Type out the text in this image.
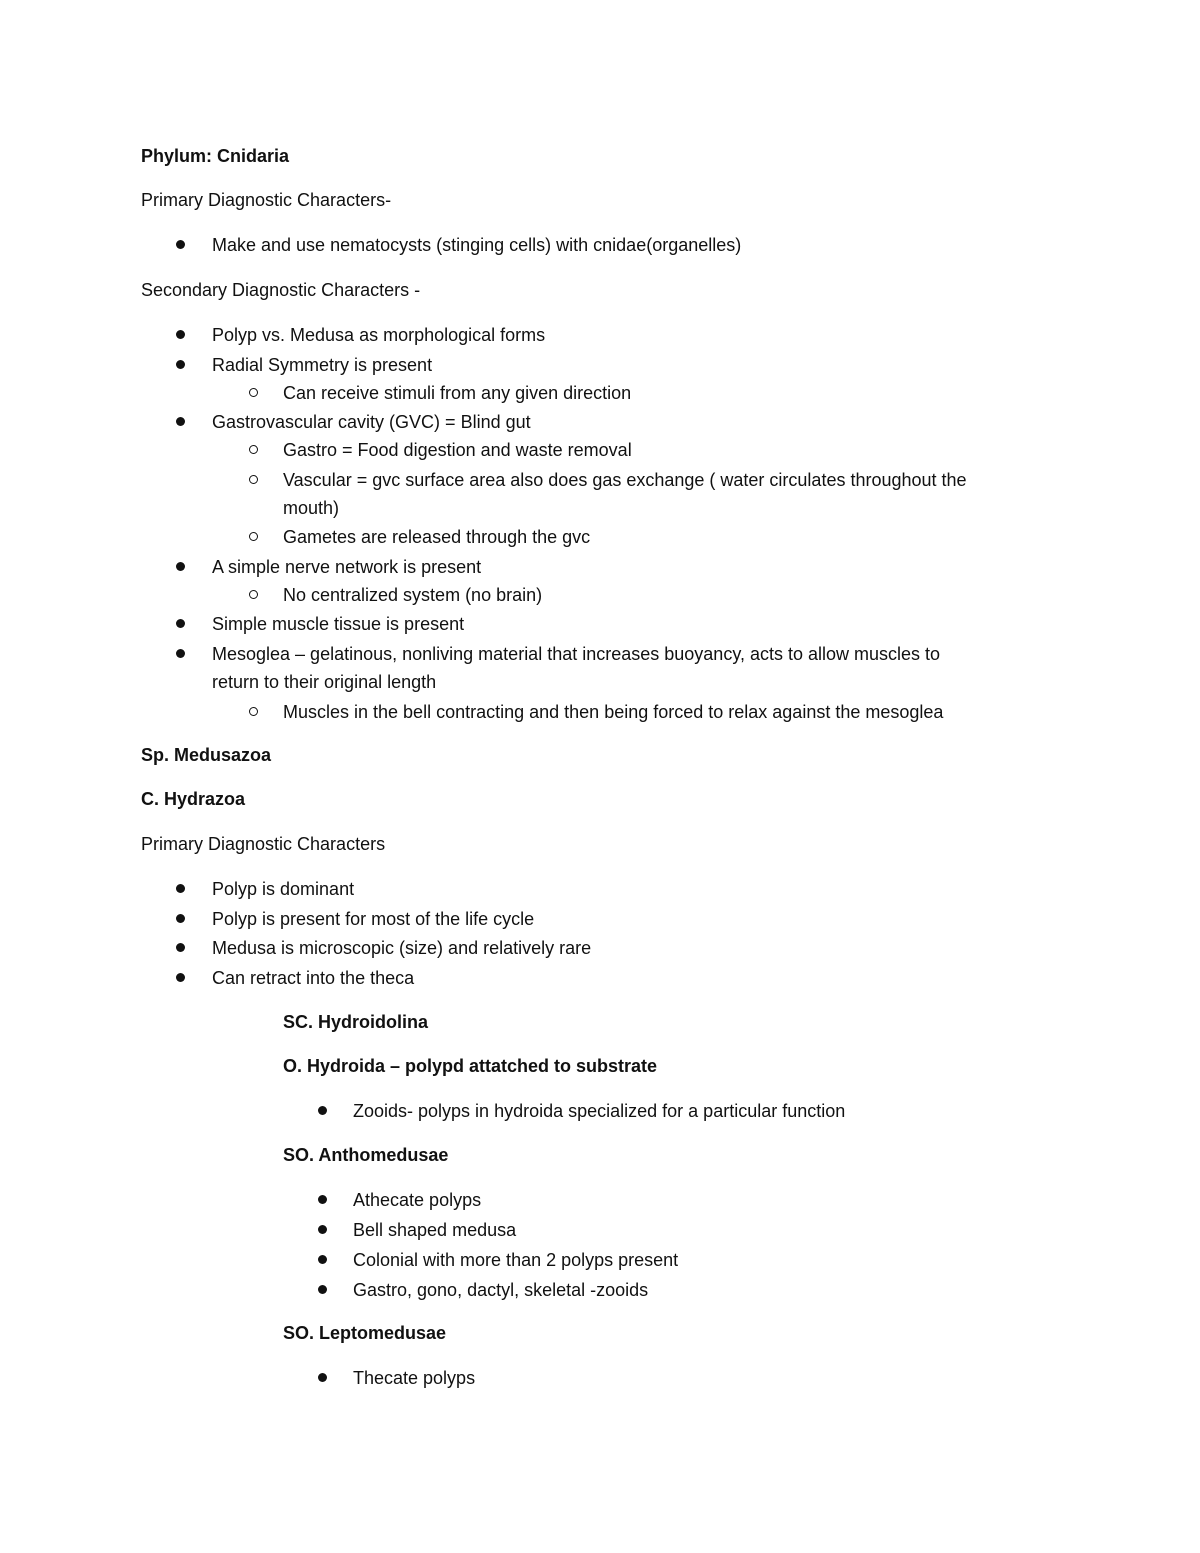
Phylum: Cnidaria
Primary Diagnostic Characters-
Make and use nematocysts (stinging cells) with cnidae(organelles)
Secondary Diagnostic Characters -
Polyp vs. Medusa as morphological forms
Radial Symmetry is present
Can receive stimuli from any given direction
Gastrovascular cavity (GVC) = Blind gut
Gastro = Food digestion and waste removal
Vascular = gvc surface area also does gas exchange ( water circulates throughout the
mouth)
Gametes are released through the gvc
A simple nerve network is present
No centralized system (no brain)
Simple muscle tissue is present
Mesoglea – gelatinous, nonliving material that increases buoyancy, acts to allow muscles to
return to their original length
Muscles in the bell contracting and then being forced to relax against the mesoglea
Sp. Medusazoa
C. Hydrazoa
Primary Diagnostic Characters
Polyp is dominant
Polyp is present for most of the life cycle
Medusa is microscopic (size) and relatively rare
Can retract into the theca
SC. Hydroidolina
O. Hydroida – polypd attatched to substrate
Zooids- polyps in hydroida specialized for a particular function
SO. Anthomedusae
Athecate polyps
Bell shaped medusa
Colonial with more than 2 polyps present
Gastro, gono, dactyl, skeletal -zooids
SO. Leptomedusae
Thecate polyps
